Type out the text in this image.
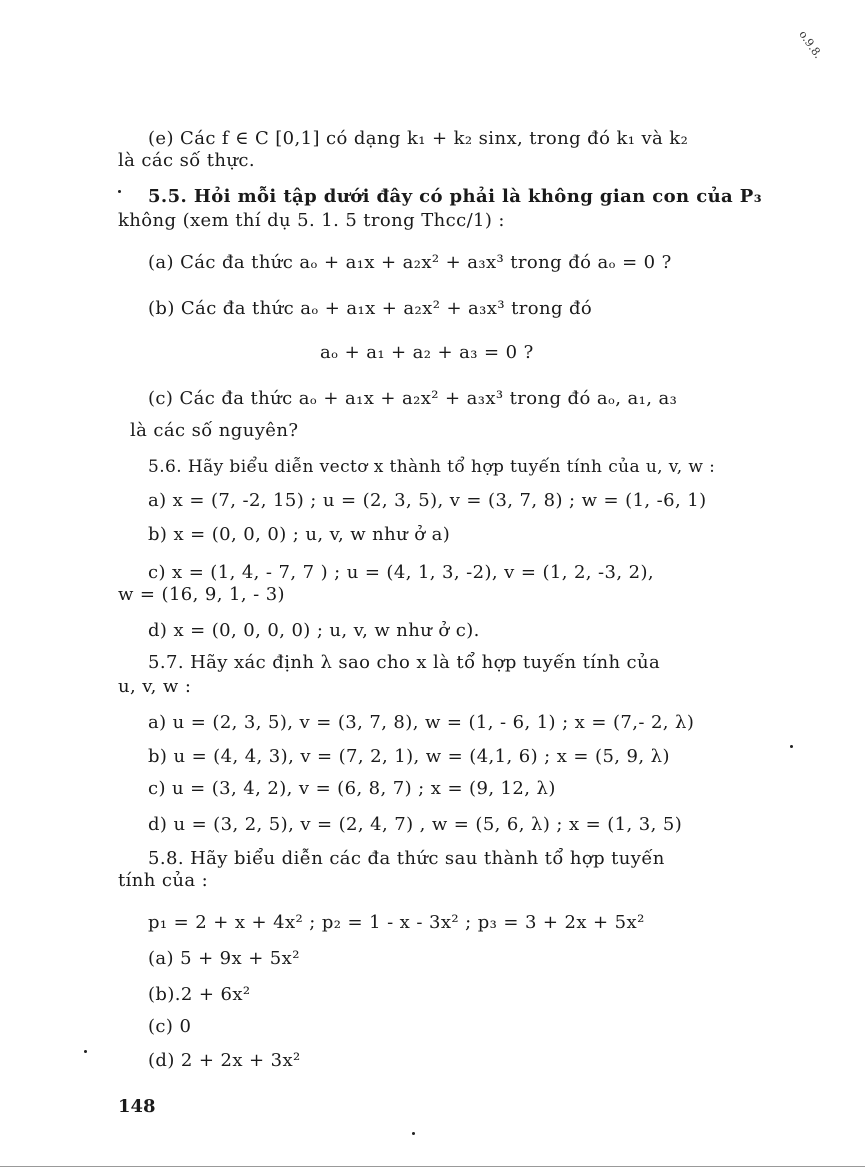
o.9.8.
(e) Các f ∈ C [0,1] có dạng k₁ + k₂ sinx, trong đó k₁ và k₂
là các số thực.
5.5. Hỏi mỗi tập dưới đây có phải là không gian con của P₃
không (xem thí dụ 5. 1. 5 trong Thcc/1) :
(a) Các đa thức aₒ + a₁x + a₂x² + a₃x³ trong đó aₒ = 0 ?
(b) Các đa thức aₒ + a₁x + a₂x² + a₃x³ trong đó
aₒ + a₁ + a₂ + a₃ = 0 ?
(c) Các đa thức aₒ + a₁x + a₂x² + a₃x³ trong đó aₒ, a₁, a₃
là các số nguyên?
5.6. Hãy biểu diễn vectơ x thành tổ hợp tuyến tính của u, v, w :
a) x = (7, -2, 15) ; u = (2, 3, 5), v = (3, 7, 8) ; w = (1, -6, 1)
b) x = (0, 0, 0) ; u, v, w như ở a)
c) x = (1, 4, - 7, 7 ) ; u = (4, 1, 3, -2), v = (1, 2, -3, 2),
w = (16, 9, 1, - 3)
d) x = (0, 0, 0, 0) ; u, v, w như ở c).
5.7. Hãy xác định λ sao cho x là tổ hợp tuyến tính của
u, v, w :
a) u = (2, 3, 5), v = (3, 7, 8), w = (1, - 6, 1) ; x = (7,- 2, λ)
b) u = (4, 4, 3), v = (7, 2, 1), w = (4,1, 6) ; x = (5, 9, λ)
c) u = (3, 4, 2), v = (6, 8, 7) ; x = (9, 12, λ)
d) u = (3, 2, 5), v = (2, 4, 7) , w = (5, 6, λ) ; x = (1, 3, 5)
5.8. Hãy biểu diễn các đa thức sau thành tổ hợp tuyến
tính của :
p₁ = 2 + x + 4x² ; p₂ = 1 - x - 3x² ; p₃ = 3 + 2x + 5x²
(a) 5 + 9x + 5x²
(b).2 + 6x²
(c) 0
(d) 2 + 2x + 3x²
148
